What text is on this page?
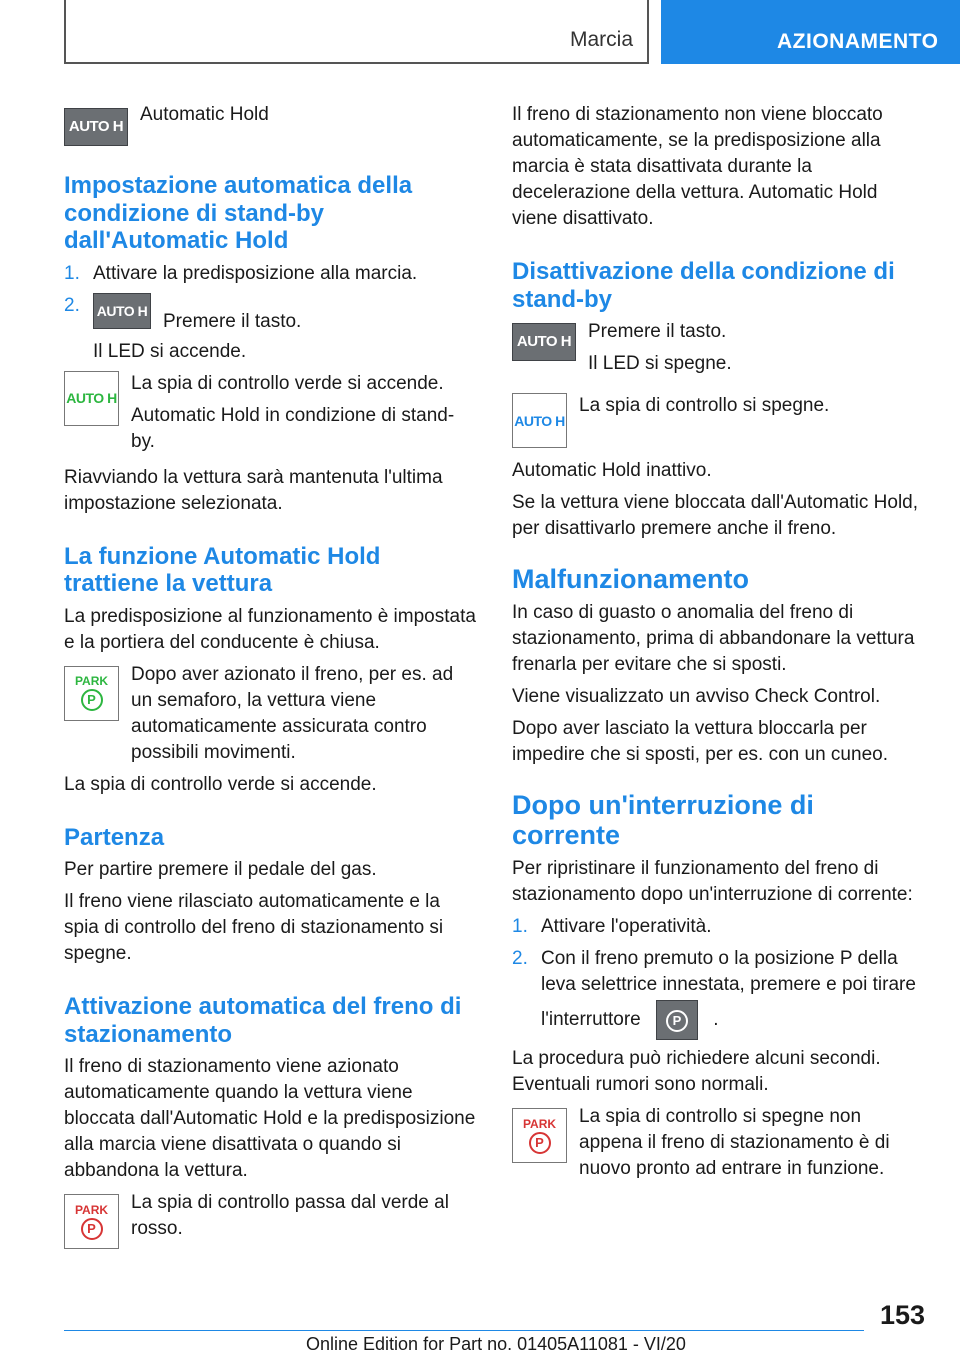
Marcia	AZIONAMENTO
AUTO H

Automatic Hold

Impostazione automatica della condizione di stand-by dall'Automatic Hold
1. Attivare la predisposizione alla marcia.
2. AUTO H Premere il tasto.

Il LED si accende.

AUTO H

La spia di controllo verde si accende.

Automatic Hold in condizione di stand-by.

Riavviando la vettura sarà mantenuta l'ultima impostazione selezionata.

La funzione Automatic Hold trattiene la vettura

La predisposizione al funzionamento è impostata e la portiera del conducente è chiusa.

PARK
P

Dopo aver azionato il freno, per es. ad un semaforo, la vettura viene automaticamente assicurata contro possibili movimenti.

La spia di controllo verde si accende.

Partenza

Per partire premere il pedale del gas.

Il freno viene rilasciato automaticamente e la spia di controllo del freno di stazionamento si spegne.

Attivazione automatica del freno di stazionamento

Il freno di stazionamento viene azionato automaticamente quando la vettura viene bloccata dall'Automatic Hold e la predisposizione alla marcia viene disattivata o quando si abbandona la vettura.

PARK
P

La spia di controllo passa dal verde al rosso.

Il freno di stazionamento non viene bloccato automaticamente, se la predisposizione alla marcia è stata disattivata durante la decelerazione della vettura. Automatic Hold viene disattivato.

Disattivazione della condizione di stand-by
AUTO H Premere il tasto.

Il LED si spegne.

AUTO H

La spia di controllo si spegne.

Automatic Hold inattivo.

Se la vettura viene bloccata dall'Automatic Hold, per disattivarlo premere anche il freno.

Malfunzionamento

In caso di guasto o anomalia del freno di stazionamento, prima di abbandonare la vettura frenarla per evitare che si sposti.

Viene visualizzato un avviso Check Control.

Dopo aver lasciato la vettura bloccarla per impedire che si sposti, per es. con un cuneo.

Dopo un'interruzione di corrente

Per ripristinare il funzionamento del freno di stazionamento dopo un'interruzione di corrente:

1. Attivare l'operatività.
2. Con il freno premuto o la posizione P della leva selettrice innestata, premere e poi tirare
l'interruttore	P	.

La procedura può richiedere alcuni secondi. Eventuali rumori sono normali.

PARK
P

La spia di controllo si spegne non appena il freno di stazionamento è di nuovo pronto ad entrare in funzione.

153
Online Edition for Part no. 01405A11081 - VI/20
